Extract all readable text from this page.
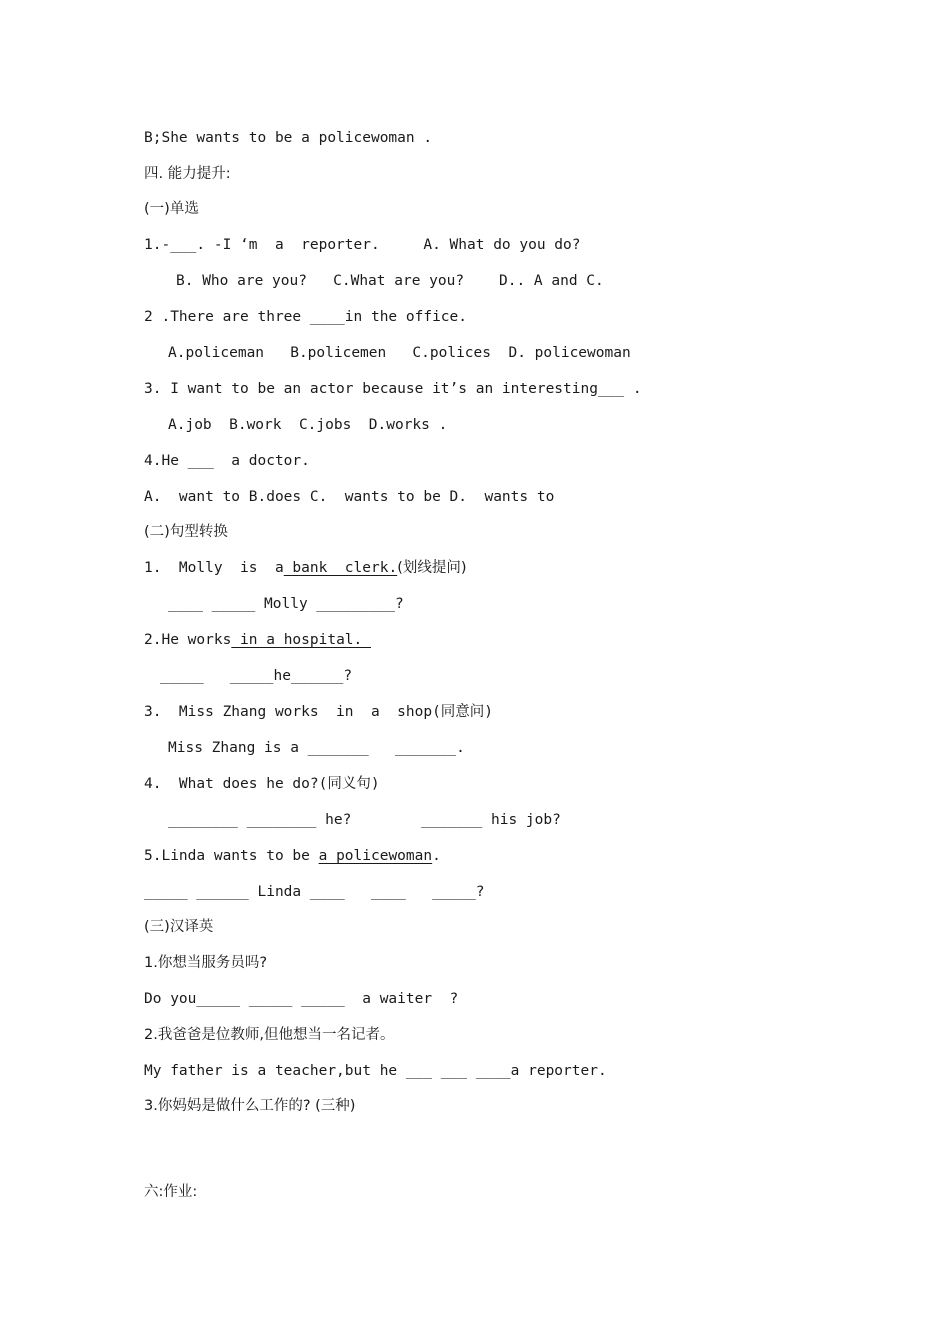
B;She wants to be a policewoman .
四. 能力提升:
(一)单选
1.-___. -I ‘m  a  reporter.     A. What do you do?
B. Who are you?   C.What are you?    D.. A and C.
2 .There are three ____in the office.
A.policeman   B.policemen   C.polices  D. policewoman
3. I want to be an actor because it’s an interesting___ .
A.job  B.work  C.jobs  D.works .
4.He ___  a doctor.
A.  want to B.does C.  wants to be D.  wants to
(二)句型转换
1.  Molly  is  a bank  clerk.(划线提问)
____ _____ Molly _________?
2.He works in a hospital.
_____   _____he______?
3.  Miss Zhang works  in  a  shop(同意问)
Miss Zhang is a _______   _______.
4.  What does he do?(同义句)
________ ________ he?        _______ his job?
5.Linda wants to be a policewoman.
_____ ______ Linda ____   ____   _____?
(三)汉译英
1.你想当服务员吗?
Do you_____ _____ _____  a waiter  ?
2.我爸爸是位教师,但他想当一名记者。
My father is a teacher,but he ___ ___ ____a reporter.
3.你妈妈是做什么工作的? (三种)
六:作业:
